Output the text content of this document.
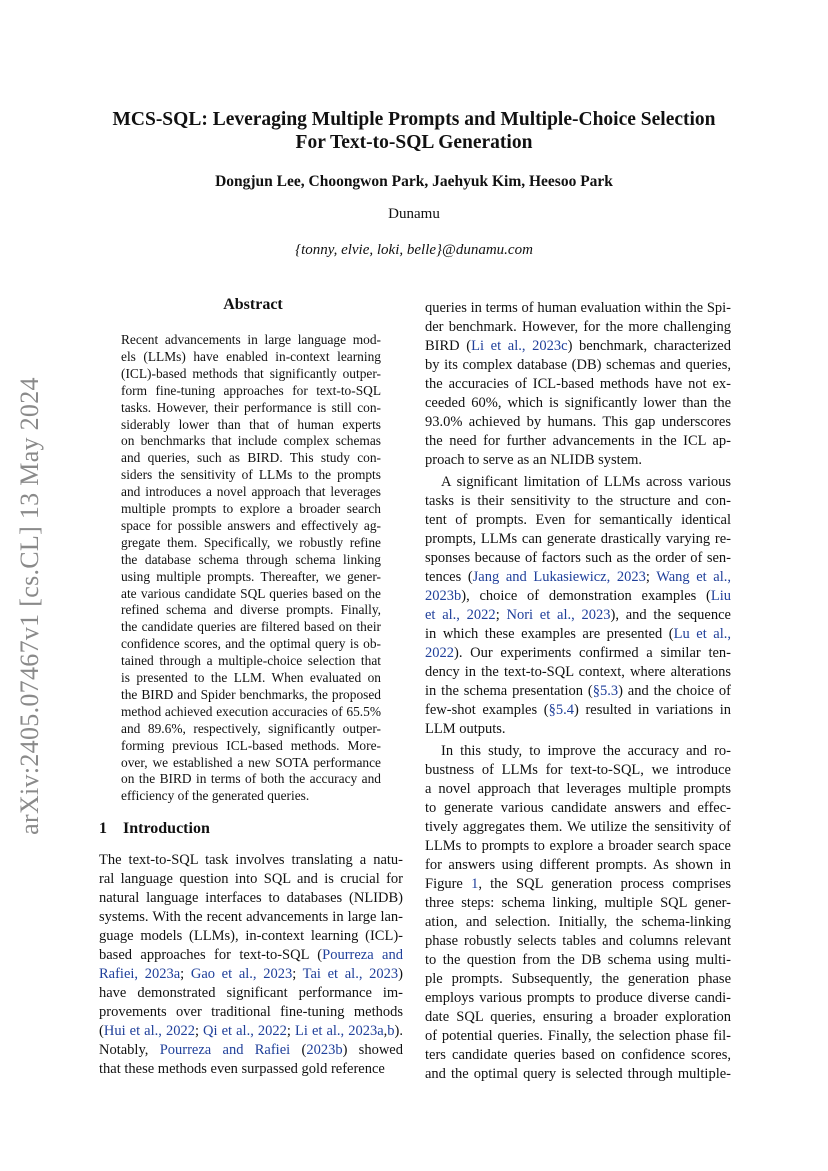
arXiv:2405.07467v1 [cs.CL] 13 May 2024
MCS-SQL: Leveraging Multiple Prompts and Multiple-Choice Selection
For Text-to-SQL Generation
Dongjun Lee, Choongwon Park, Jaehyuk Kim, Heesoo Park
Dunamu
{tonny, elvie, loki, belle}@dunamu.com
Abstract
Recent advancements in large language mod-
els (LLMs) have enabled in-context learning
(ICL)-based methods that significantly outper-
form fine-tuning approaches for text-to-SQL
tasks. However, their performance is still con-
siderably lower than that of human experts
on benchmarks that include complex schemas
and queries, such as BIRD. This study con-
siders the sensitivity of LLMs to the prompts
and introduces a novel approach that leverages
multiple prompts to explore a broader search
space for possible answers and effectively ag-
gregate them. Specifically, we robustly refine
the database schema through schema linking
using multiple prompts. Thereafter, we gener-
ate various candidate SQL queries based on the
refined schema and diverse prompts. Finally,
the candidate queries are filtered based on their
confidence scores, and the optimal query is ob-
tained through a multiple-choice selection that
is presented to the LLM. When evaluated on
the BIRD and Spider benchmarks, the proposed
method achieved execution accuracies of 65.5%
and 89.6%, respectively, significantly outper-
forming previous ICL-based methods. More-
over, we established a new SOTA performance
on the BIRD in terms of both the accuracy and
efficiency of the generated queries.
1 Introduction
The text-to-SQL task involves translating a natu-
ral language question into SQL and is crucial for
natural language interfaces to databases (NLIDB)
systems. With the recent advancements in large lan-
guage models (LLMs), in-context learning (ICL)-
based approaches for text-to-SQL (Pourreza and
Rafiei, 2023a; Gao et al., 2023; Tai et al., 2023)
have demonstrated significant performance im-
provements over traditional fine-tuning methods
(Hui et al., 2022; Qi et al., 2022; Li et al., 2023a,b).
Notably, Pourreza and Rafiei (2023b) showed
that these methods even surpassed gold reference
queries in terms of human evaluation within the Spi-
der benchmark. However, for the more challenging
BIRD (Li et al., 2023c) benchmark, characterized
by its complex database (DB) schemas and queries,
the accuracies of ICL-based methods have not ex-
ceeded 60%, which is significantly lower than the
93.0% achieved by humans. This gap underscores
the need for further advancements in the ICL ap-
proach to serve as an NLIDB system.
A significant limitation of LLMs across various
tasks is their sensitivity to the structure and con-
tent of prompts. Even for semantically identical
prompts, LLMs can generate drastically varying re-
sponses because of factors such as the order of sen-
tences (Jang and Lukasiewicz, 2023; Wang et al.,
2023b), choice of demonstration examples (Liu
et al., 2022; Nori et al., 2023), and the sequence
in which these examples are presented (Lu et al.,
2022). Our experiments confirmed a similar ten-
dency in the text-to-SQL context, where alterations
in the schema presentation (§5.3) and the choice of
few-shot examples (§5.4) resulted in variations in
LLM outputs.
In this study, to improve the accuracy and ro-
bustness of LLMs for text-to-SQL, we introduce
a novel approach that leverages multiple prompts
to generate various candidate answers and effec-
tively aggregates them. We utilize the sensitivity of
LLMs to prompts to explore a broader search space
for answers using different prompts. As shown in
Figure 1, the SQL generation process comprises
three steps: schema linking, multiple SQL gener-
ation, and selection. Initially, the schema-linking
phase robustly selects tables and columns relevant
to the question from the DB schema using multi-
ple prompts. Subsequently, the generation phase
employs various prompts to produce diverse candi-
date SQL queries, ensuring a broader exploration
of potential queries. Finally, the selection phase fil-
ters candidate queries based on confidence scores,
and the optimal query is selected through multiple-
